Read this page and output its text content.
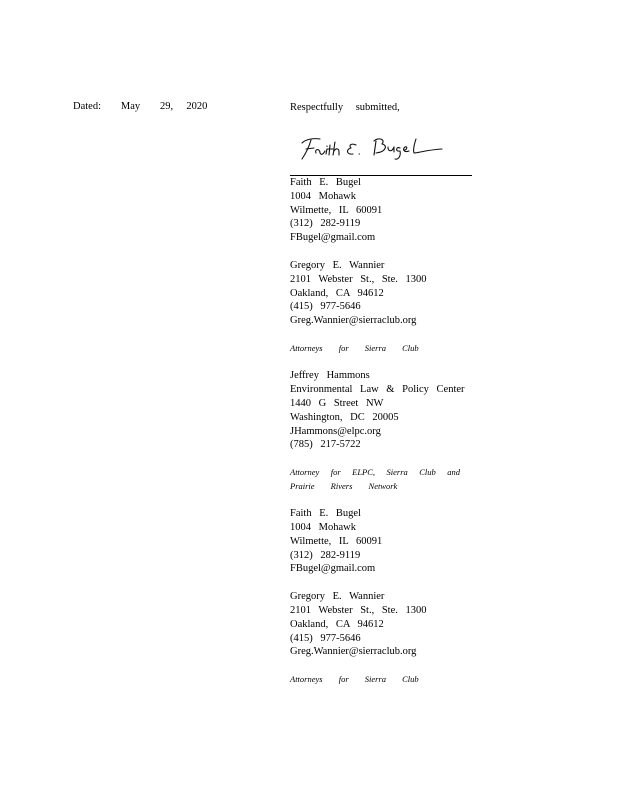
Dated:   May   29,  2020	Respectfully submitted,

Faith E. Bugel
1004 Mohawk
Wilmette, IL 60091
(312) 282-9119
FBugel@gmail.com
Gregory E. Wannier
2101 Webster St., Ste. 1300
Oakland, CA 94612
(415) 977-5646
Greg.Wannier@sierraclub.org
Attorneys for Sierra Club
Jeffrey Hammons
Environmental Law & Policy Center
1440 G Street NW
Washington, DC 20005
JHammons@elpc.org
(785) 217-5722
Attorney for ELPC, Sierra Club and
Prairie Rivers Network
Faith E. Bugel
1004 Mohawk
Wilmette, IL 60091
(312) 282-9119
FBugel@gmail.com
Gregory E. Wannier
2101 Webster St., Ste. 1300
Oakland, CA 94612
(415) 977-5646
Greg.Wannier@sierraclub.org
Attorneys for Sierra Club
